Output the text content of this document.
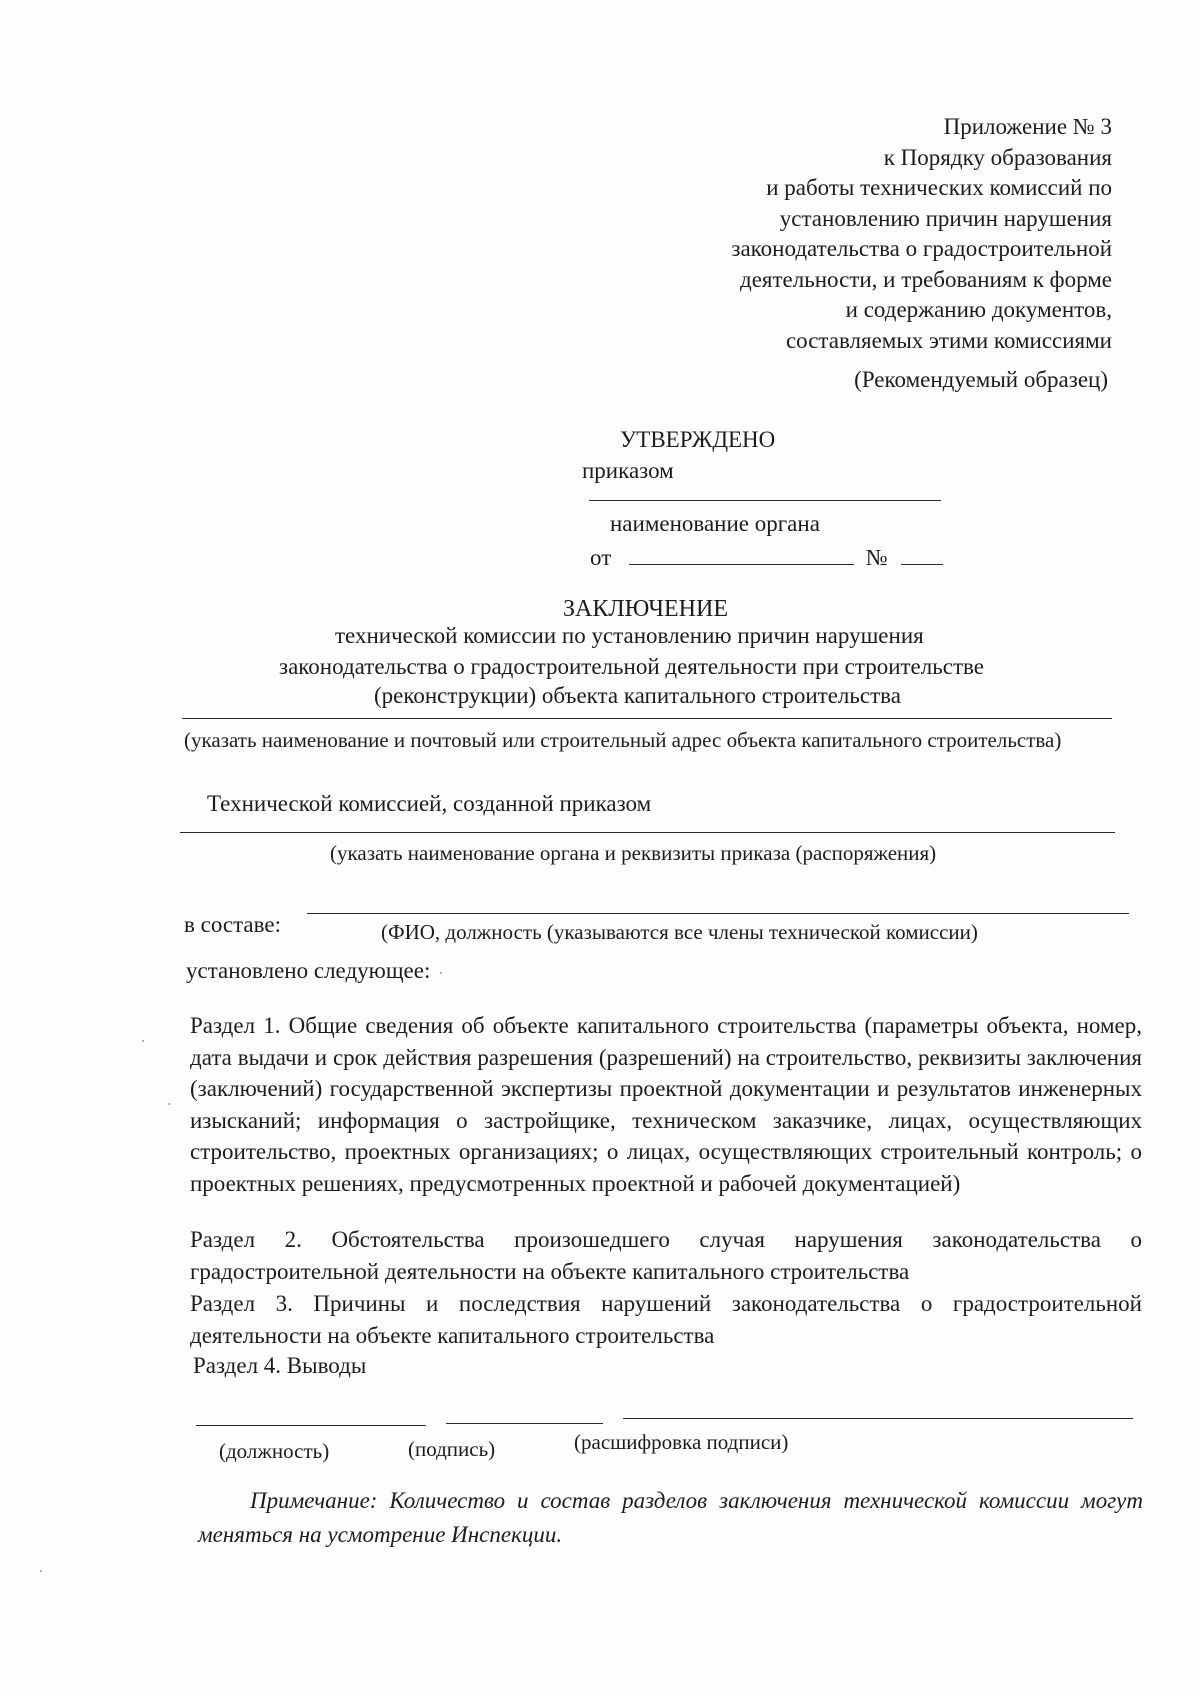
Приложение № 3
к Порядку образования
и работы технических комиссий по
установлению причин нарушения
законодательства о градостроительной
деятельности, и требованиям к форме
и содержанию документов,
составляемых этими комиссиями
(Рекомендуемый образец)
УТВЕРЖДЕНО
приказом
наименование органа
от	№
ЗАКЛЮЧЕНИЕ
технической комиссии по установлению причин нарушения
законодательства о градостроительной деятельности при строительстве
(реконструкции) объекта капитального строительства
(указать наименование и почтовый или строительный адрес объекта капитального строительства)
Технической комиссией, созданной приказом
(указать наименование органа и реквизиты приказа (распоряжения)
в составе:	(ФИО, должность (указываются все члены технической комиссии)
установлено следующее:
Раздел 1. Общие сведения об объекте капитального строительства (параметры объекта, номер, дата выдачи и срок действия разрешения (разрешений) на строительство, реквизиты заключения (заключений) государственной экспертизы проектной документации и результатов инженерных изысканий; информация о застройщике, техническом заказчике, лицах, осуществляющих строительство, проектных организациях; о лицах, осуществляющих строительный контроль; о проектных решениях, предусмотренных проектной и рабочей документацией)
Раздел 2. Обстоятельства произошедшего случая нарушения законодательства о градостроительной деятельности на объекте капитального строительства
Раздел 3. Причины и последствия нарушений законодательства о градостроительной деятельности на объекте капитального строительства
Раздел 4. Выводы
(должность)	(подпись)	(расшифровка подписи)
Примечание: Количество и состав разделов заключения технической комиссии могут меняться на усмотрение Инспекции.
